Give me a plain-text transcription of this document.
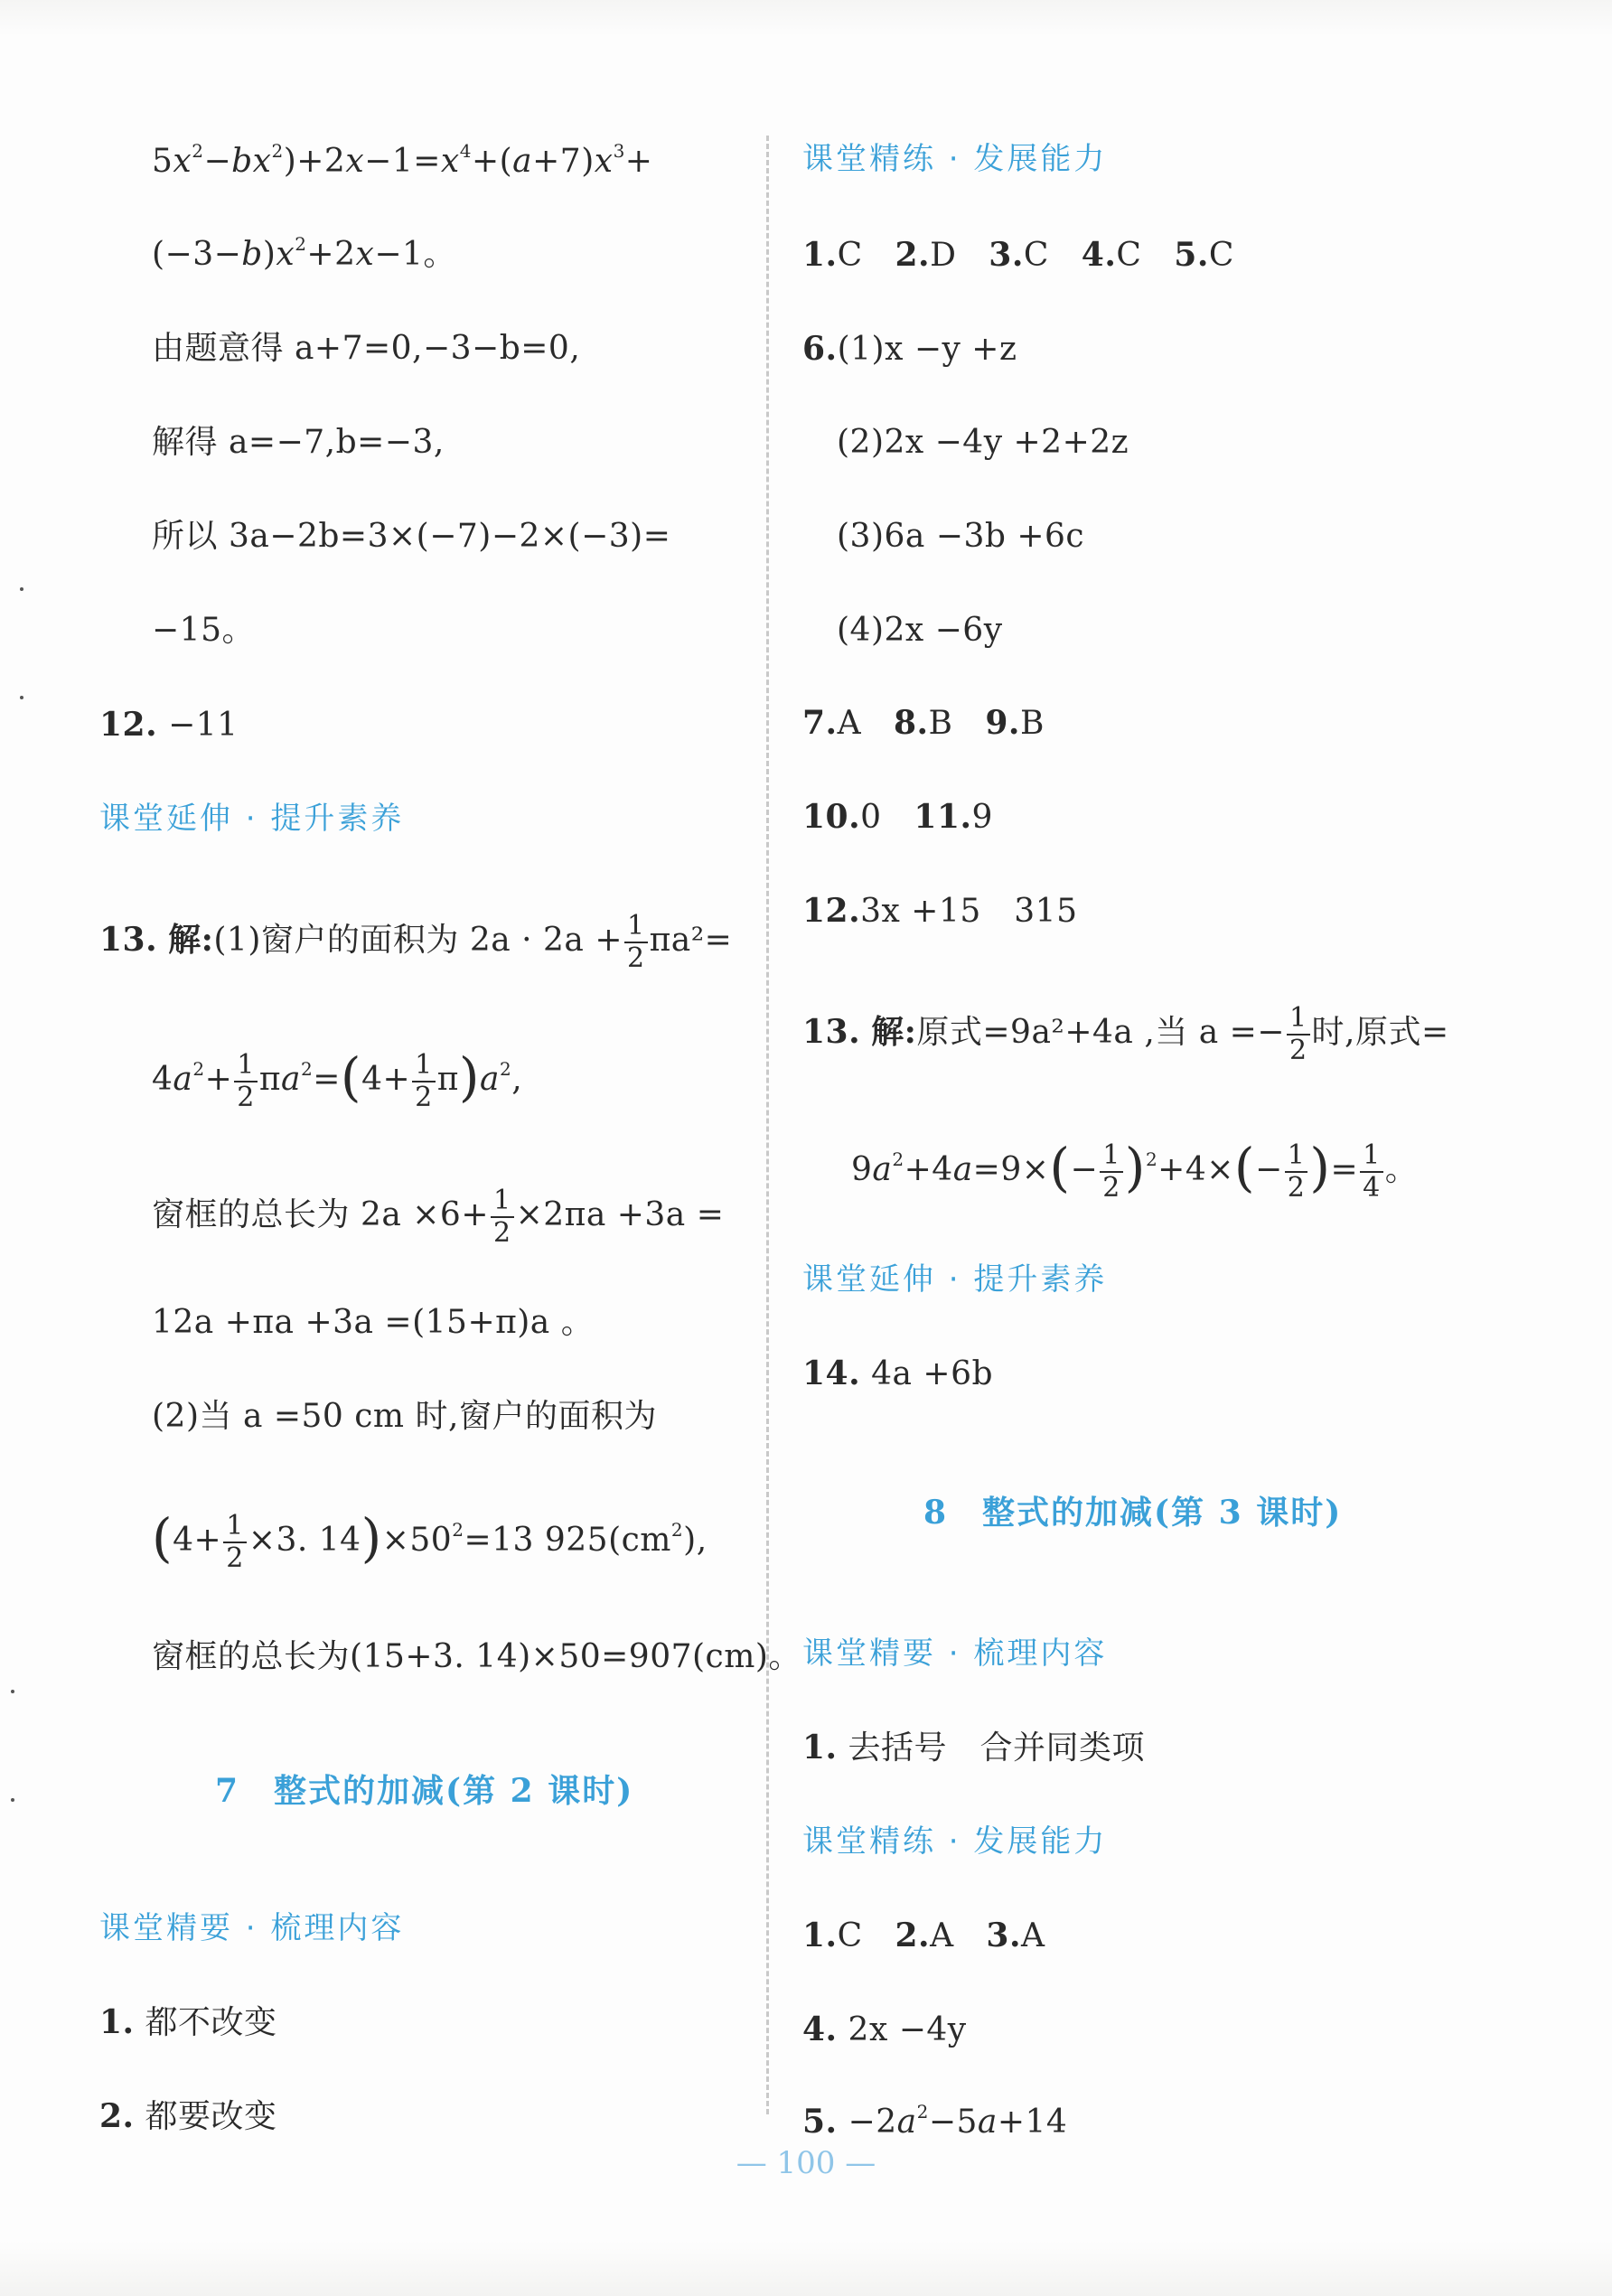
$5x^2-bx^2)+2x-1=x^4+(a+7)x^3+$
$(-3-b)x^2+2x-1$。
由题意得 a+7=0,−3−b=0,
解得 a=−7,b=−3,
所以 3a−2b=3×(−7)−2×(−3)=
−15。
12. −11
课堂延伸 · 提升素养
13. 解:(1)窗户的面积为 $2a \cdot 2a + \frac{1}{2} \pi a^2=$
$4a^2+ \frac{1}{2} \pi a^2=(4+ \frac{1}{2} \pi)a^2$,
窗框的总长为 $2a \times 6+ \frac{1}{2} \times 2\pi a +3a$ =
12a +πa +3a =(15+π)a 。
(2)当 a =50 cm 时,窗户的面积为
($4+ \frac{1}{2} \times 3$. $14)\times 50^2=13$ $925(cm^2)$,
窗框的总长为(15+3. 14)×50=907(cm)。
7　整式的加减(第 2 课时)
课堂精要 · 梳理内容
1. 都不改变
2. 都要改变
课堂精练 · 发展能力
1.C 2.D 3.C 4.C 5.C
6.(1)x −y +z
(2)2x −4y +2+2z
(3)6a −3b +6c
(4)2x −6y
7.A 8.B 9.B
10.0 11.9
12.3x +15　315
13. 解:原式=9a²+4a ,当 $a =- \frac{1}{2}$ 时,原式=
$9a^2+4a=9\times(- \frac{1}{2} )^2+4\times(- \frac{1}{2}$ )= $\frac{1}{4}$ 。
课堂延伸 · 提升素养
14. 4a +6b
8　整式的加减(第 3 课时)
课堂精要 · 梳理内容
1. 去括号　合并同类项
课堂精练 · 发展能力
1.C 2.A 3.A
4. 2x −4y
5. $-2a^2-5a+14$
— 100 —
